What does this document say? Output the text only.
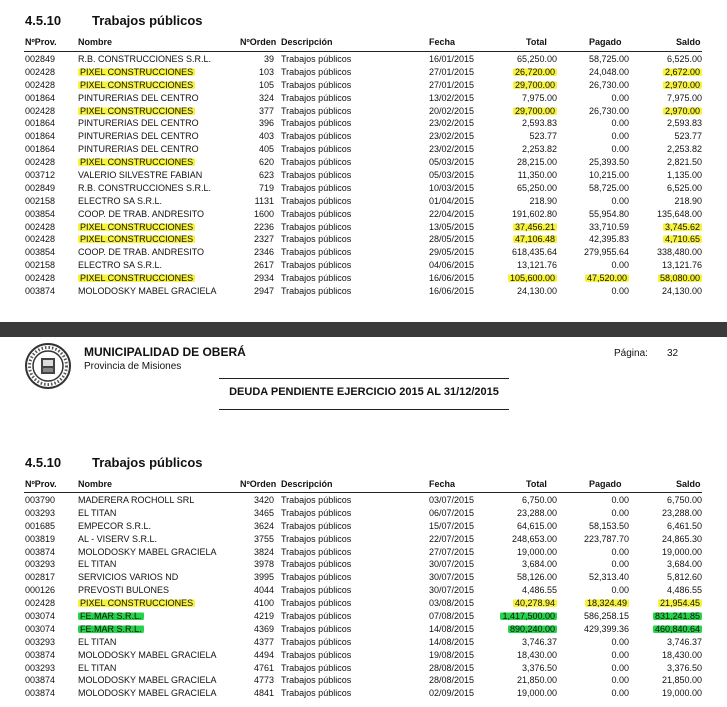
4.5.10 Trabajos públicos
NºProv. Nombre	NºOrden Descripción	Fecha	Total	Pagado	Saldo
002849	R.B. CONSTRUCCIONES S.R.L.	39 Trabajos públicos	16/01/2015	65,250.00	58,725.00	6,525.00
002428	PIXEL CONSTRUCCIONES	103 Trabajos públicos	27/01/2015	26,720.00	24,048.00	2,672.00
002428	PIXEL CONSTRUCCIONES	105 Trabajos públicos	27/01/2015	29,700.00	26,730.00	2,970.00
001864	PINTURERIAS DEL CENTRO	324 Trabajos públicos	13/02/2015	7,975.00	0.00	7,975.00
002428	PIXEL CONSTRUCCIONES	377 Trabajos públicos	20/02/2015	29,700.00	26,730.00	2,970.00
001864	PINTURERIAS DEL CENTRO	396 Trabajos públicos	23/02/2015	2,593.83	0.00	2,593.83
001864	PINTURERIAS DEL CENTRO	403 Trabajos públicos	23/02/2015	523.77	0.00	523.77
001864	PINTURERIAS DEL CENTRO	405 Trabajos públicos	23/02/2015	2,253.82	0.00	2,253.82
002428	PIXEL CONSTRUCCIONES	620 Trabajos públicos	05/03/2015	28,215.00	25,393.50	2,821.50
003712	VALERIO SILVESTRE FABIAN	623 Trabajos públicos	05/03/2015	11,350.00	10,215.00	1,135.00
002849	R.B. CONSTRUCCIONES S.R.L.	719 Trabajos públicos	10/03/2015	65,250.00	58,725.00	6,525.00
002158	ELECTRO SA S.R.L.	1131 Trabajos públicos	01/04/2015	218.90	0.00	218.90
003854	COOP. DE TRAB. ANDRESITO	1600 Trabajos públicos	22/04/2015	191,602.80	55,954.80	135,648.00
002428	PIXEL CONSTRUCCIONES	2236 Trabajos públicos	13/05/2015	37,456.21	33,710.59	3,745.62
002428	PIXEL CONSTRUCCIONES	2327 Trabajos públicos	28/05/2015	47,106.48	42,395.83	4,710.65
003854	COOP. DE TRAB. ANDRESITO	2346 Trabajos públicos	29/05/2015	618,435.64	279,955.64	338,480.00
002158	ELECTRO SA S.R.L.	2617 Trabajos públicos	04/06/2015	13,121.76	0.00	13,121.76
002428	PIXEL CONSTRUCCIONES	2934 Trabajos públicos	16/06/2015	105,600.00	47,520.00	58,080.00
003874	MOLODOSKY MABEL GRACIELA	2947 Trabajos públicos	16/06/2015	24,130.00	0.00	24,130.00
MUNICIPALIDAD DE OBERÁ
Provincia de Misiones
Página: 32
DEUDA PENDIENTE EJERCICIO 2015 AL 31/12/2015
4.5.10 Trabajos públicos
NºProv. Nombre	NºOrden Descripción	Fecha	Total	Pagado	Saldo
003790	MADERERA ROCHOLL SRL	3420 Trabajos públicos	03/07/2015	6,750.00	0.00	6,750.00
003293	EL TITAN	3465 Trabajos públicos	06/07/2015	23,288.00	0.00	23,288.00
001685	EMPECOR S.R.L.	3624 Trabajos públicos	15/07/2015	64,615.00	58,153.50	6,461.50
003819	AL - VISERV S.R.L.	3755 Trabajos públicos	22/07/2015	248,653.00	223,787.70	24,865.30
003874	MOLODOSKY MABEL GRACIELA	3824 Trabajos públicos	27/07/2015	19,000.00	0.00	19,000.00
003293	EL TITAN	3978 Trabajos públicos	30/07/2015	3,684.00	0.00	3,684.00
002817	SERVICIOS VARIOS ND	3995 Trabajos públicos	30/07/2015	58,126.00	52,313.40	5,812.60
000126	PREVOSTI BULONES	4044 Trabajos públicos	30/07/2015	4,486.55	0.00	4,486.55
002428	PIXEL CONSTRUCCIONES	4100 Trabajos públicos	03/08/2015	40,278.94	18,324.49	21,954.45
003074	FE.MAR S.R.L.	4219 Trabajos públicos	07/08/2015	1,417,500.00	586,258.15	831,241.85
003074	FE.MAR S.R.L.	4369 Trabajos públicos	14/08/2015	890,240.00	429,399.36	460,840.64
003293	EL TITAN	4377 Trabajos públicos	14/08/2015	3,746.37	0.00	3,746.37
003874	MOLODOSKY MABEL GRACIELA	4494 Trabajos públicos	19/08/2015	18,430.00	0.00	18,430.00
003293	EL TITAN	4761 Trabajos públicos	28/08/2015	3,376.50	0.00	3,376.50
003874	MOLODOSKY MABEL GRACIELA	4773 Trabajos públicos	28/08/2015	21,850.00	0.00	21,850.00
003874	MOLODOSKY MABEL GRACIELA	4841 Trabajos públicos	02/09/2015	19,000.00	0.00	19,000.00
